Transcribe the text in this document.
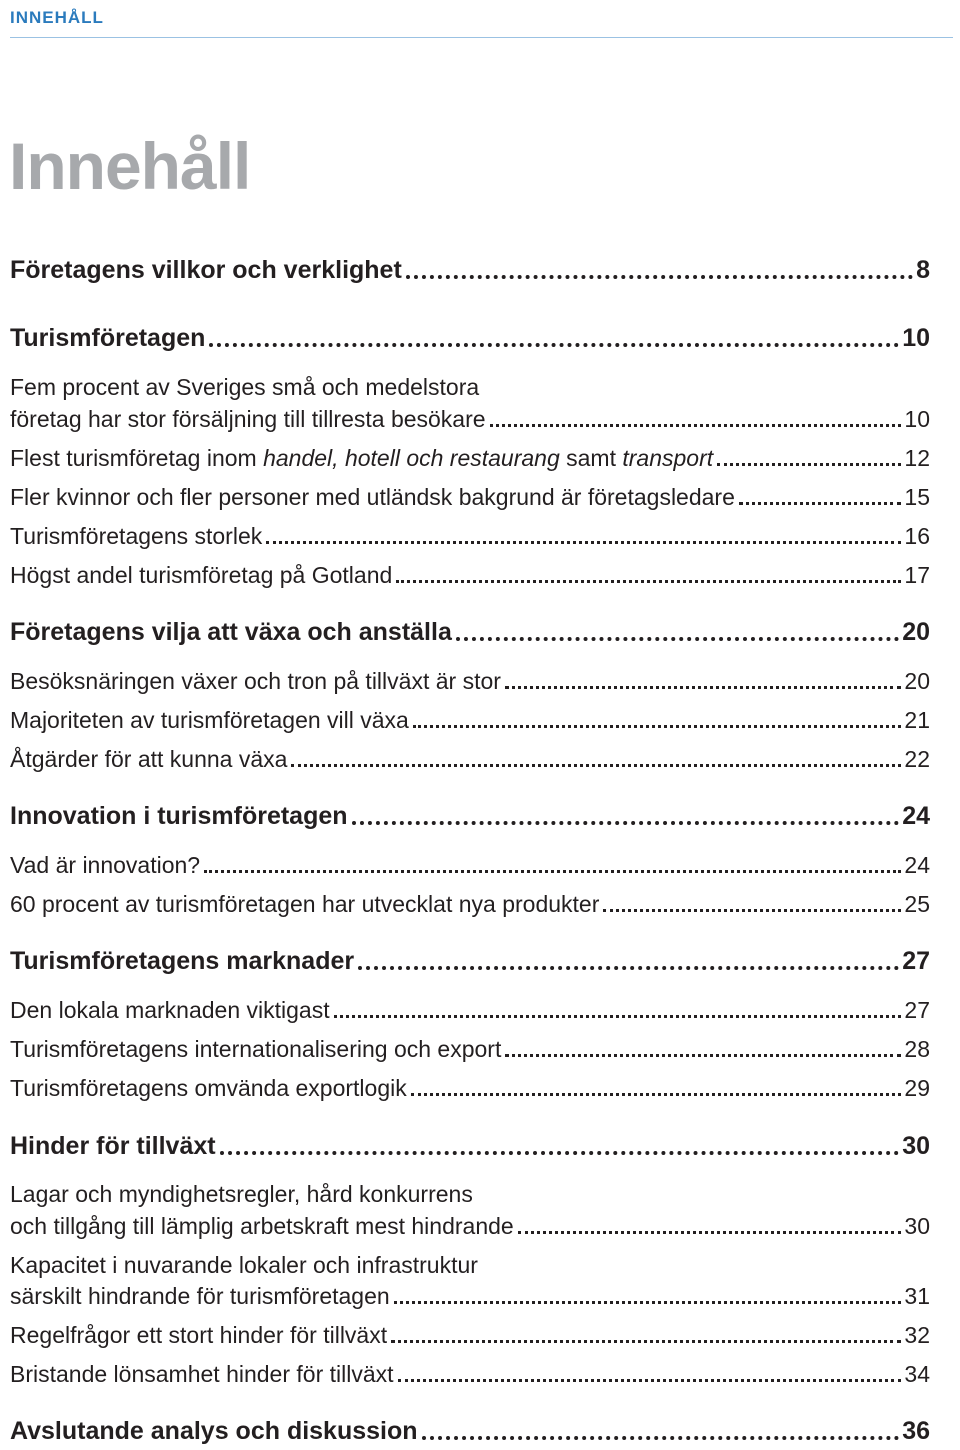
INNEHÅLL
Innehåll
Företagens villkor och verklighet	8
Turismföretagen	10
Fem procent av Sveriges små och medelstora
företag har stor försäljning till tillresta besökare	10
Flest turismföretag inom handel, hotell och restaurang samt transport	12
Fler kvinnor och fler personer med utländsk bakgrund är företagsledare	15
Turismföretagens storlek	16
Högst andel turismföretag på Gotland	17
Företagens vilja att växa och anställa	20
Besöksnäringen växer och tron på tillväxt är stor	20
Majoriteten av turismföretagen vill växa	21
Åtgärder för att kunna växa	22
Innovation i turismföretagen	24
Vad är innovation?	24
60 procent av turismföretagen har utvecklat nya produkter	25
Turismföretagens marknader	27
Den lokala marknaden viktigast	27
Turismföretagens internationalisering och export	28
Turismföretagens omvända exportlogik	29
Hinder för tillväxt	30
Lagar och myndighetsregler, hård konkurrens
och tillgång till lämplig arbetskraft mest hindrande	30
Kapacitet i nuvarande lokaler och infrastruktur
särskilt hindrande för turismföretagen	31
Regelfrågor ett stort hinder för tillväxt	32
Bristande lönsamhet hinder för tillväxt	34
Avslutande analys och diskussion	36
